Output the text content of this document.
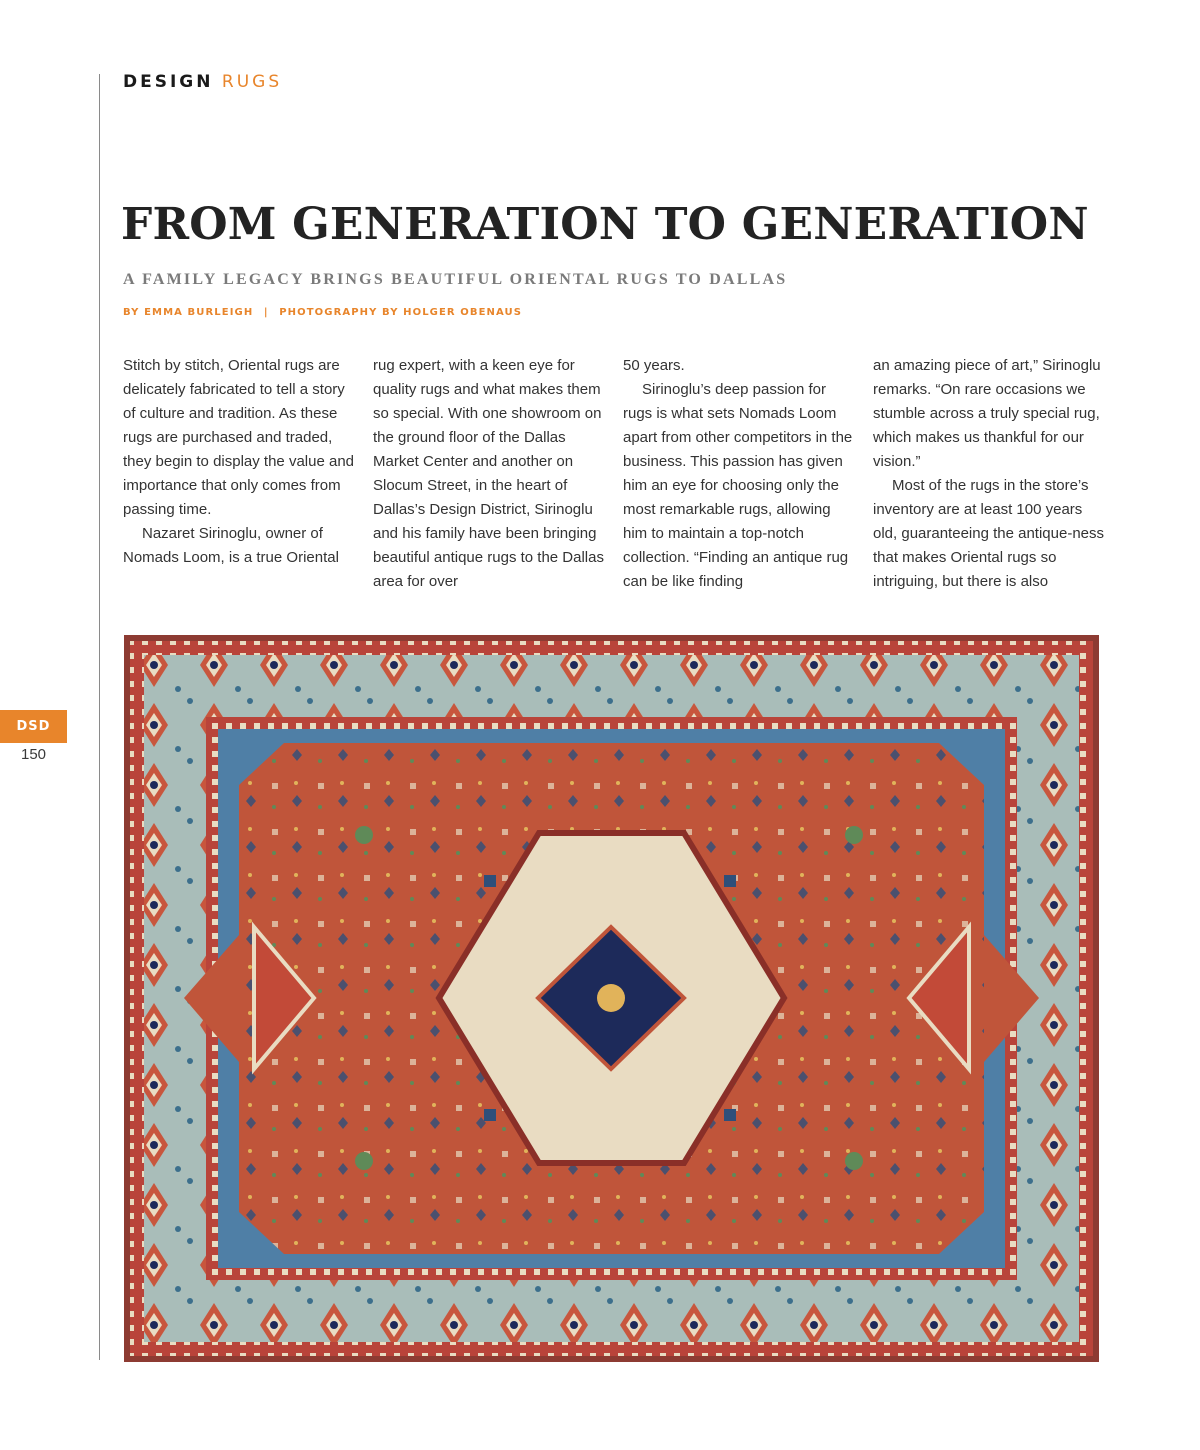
DESIGN RUGS
FROM GENERATION TO GENERATION
A FAMILY LEGACY BRINGS BEAUTIFUL ORIENTAL RUGS TO DALLAS
BY EMMA BURLEIGH | PHOTOGRAPHY BY HOLGER OBENAUS

Stitch by stitch, Oriental rugs are delicately fabricated to tell a story of culture and tradition. As these rugs are purchased and traded, they begin to display the value and importance that only comes from passing time.

Nazaret Sirinoglu, owner of Nomads Loom, is a true Oriental

rug expert, with a keen eye for quality rugs and what makes them so special. With one showroom on the ground floor of the Dallas Market Center and another on Slocum Street, in the heart of Dallas’s Design District, Sirinoglu and his family have been bringing beautiful antique rugs to the Dallas area for over

50 years.

Sirinoglu’s deep passion for rugs is what sets Nomads Loom apart from other competitors in the business. This passion has given him an eye for choosing only the most remarkable rugs, allowing him to maintain a top-notch collection. “Finding an antique rug can be like finding

an amazing piece of art,” Sirinoglu remarks. “On rare occasions we stumble across a truly special rug, which makes us thankful for our vision.”

Most of the rugs in the store’s inventory are at least 100 years old, guaranteeing the antique-ness that makes Oriental rugs so intriguing, but there is also

DSD
150
